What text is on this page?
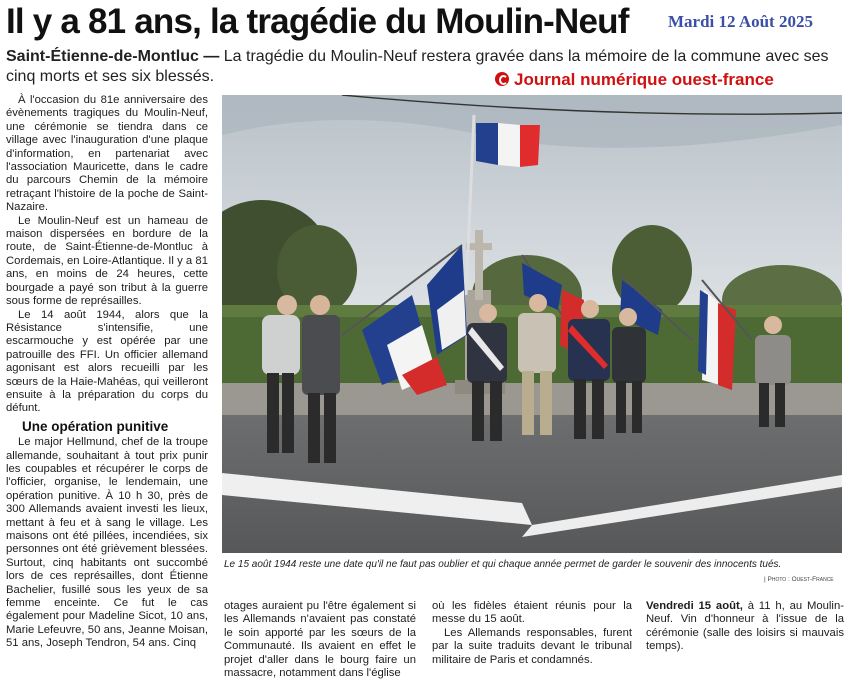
Il y a 81 ans, la tragédie du Moulin-Neuf Mardi 12 Août 2025
Saint-Étienne-de-Montluc — La tragédie du Moulin-Neuf restera gravée dans la mémoire de la commune avec ses cinq morts et ses six blessés.	Journal numérique ouest-france

À l'occasion du 81e anniversaire des évènements tragiques du Moulin-Neuf, une cérémonie se tiendra dans ce village avec l'inauguration d'une plaque d'information, en partenariat avec l'association Mauricette, dans le cadre du parcours Chemin de la mémoire retraçant l'histoire de la poche de Saint-Nazaire.

Le Moulin-Neuf est un hameau de maison dispersées en bordure de la route, de Saint-Étienne-de-Montluc à Cordemais, en Loire-Atlantique. Il y a 81 ans, en moins de 24 heures, cette bourgade a payé son tribut à la guerre sous forme de représailles.

Le 14 août 1944, alors que la Résistance s'intensifie, une escarmouche y est opérée par une patrouille des FFI. Un officier allemand agonisant est alors recueilli par les sœurs de la Haie-Mahéas, qui veilleront ensuite à la préparation du corps du défunt.

Une opération punitive

Le major Hellmund, chef de la troupe allemande, souhaitant à tout prix punir les coupables et récupérer le corps de l'officier, organise, le lendemain, une opération punitive. À 10 h 30, près de 300 Allemands avaient investi les lieux, mettant à feu et à sang le village. Les maisons ont été pillées, incendiées, six personnes ont été grièvement blessées. Surtout, cinq habitants ont succombé lors de ces représailles, dont Étienne Bachelier, fusillé sous les yeux de sa femme enceinte. Ce fut le cas également pour Madeline Sicot, 10 ans, Marie Lefeuvre, 50 ans, Jeanne Moisan, 51 ans, Joseph Tendron, 54 ans. Cinq

Le 15 août 1944 reste une date qu'il ne faut pas oublier et qui chaque année permet de garder le souvenir des innocents tués.
| Photo : Ouest-France

otages auraient pu l'être également si les Allemands n'avaient pas constaté le soin apporté par les sœurs de la Communauté. Ils avaient en effet le projet d'aller dans le bourg faire un massacre, notamment dans l'église

où les fidèles étaient réunis pour la messe du 15 août.

Les Allemands responsables, furent par la suite traduits devant le tribunal militaire de Paris et condamnés.

Vendredi 15 août, à 11 h, au Moulin-Neuf. Vin d'honneur à l'issue de la cérémonie (salle des loisirs si mauvais temps).
